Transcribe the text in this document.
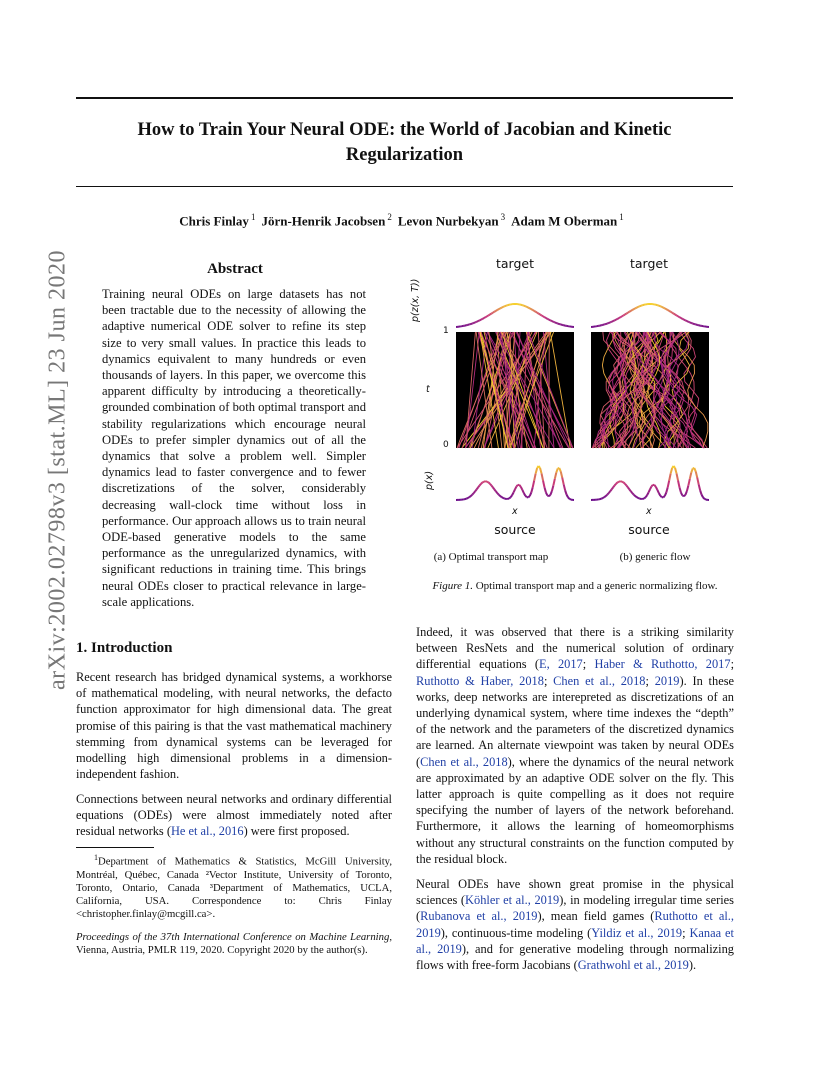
How to Train Your Neural ODE: the World of Jacobian and Kinetic
Regularization
Chris Finlay $^1$ Jörn-Henrik Jacobsen $^2$ Levon Nurbekyan $^3$ Adam M Oberman $^1$
arXiv:2002.02798v3 [stat.ML] 23 Jun 2020	Abstract
Training neural ODEs on large datasets has not been tractable due to the necessity of allowing the adaptive numerical ODE solver to refine its step size to very small values. In practice this leads to dynamics equivalent to many hundreds or even thousands of layers. In this paper, we overcome this apparent difficulty by introducing a theoretically-grounded combination of both optimal transport and stability regularizations which encourage neural ODEs to prefer simpler dynamics out of all the dynamics that solve a problem well. Simpler dynamics lead to faster convergence and to fewer discretizations of the solver, considerably decreasing wall-clock time without loss in performance. Our approach allows us to train neural ODE-based generative models to the same performance as the unregularized dynamics, with significant reductions in training time. This brings neural ODEs closer to practical relevance in large-scale applications.
1. Introduction
Recent research has bridged dynamical systems, a workhorse of mathematical modeling, with neural networks, the defacto function approximator for high dimensional data. The great promise of this pairing is that the vast mathematical machinery stemming from dynamical systems can be leveraged for modelling high dimensional problems in a dimension-independent fashion.
Connections between neural networks and ordinary differential equations (ODEs) were almost immediately noted after residual networks (He et al., 2016) were first proposed.
$^1$Department of Mathematics & Statistics, McGill University, Montréal, Québec, Canada ²Vector Institute, University of Toronto, Toronto, Ontario, Canada ³Department of Mathematics, UCLA, California, USA. Correspondence to: Chris Finlay <christopher.finlay@mcgill.ca>.
Proceedings of the 37th International Conference on Machine Learning, Vienna, Austria, PMLR 119, 2020. Copyright 2020 by the author(s).
target	target
p(z(x, T))
t
p(x)
1
0
x	x
source	source
(a) Optimal transport map	(b) generic flow
Figure 1. Optimal transport map and a generic normalizing flow.
Indeed, it was observed that there is a striking similarity between ResNets and the numerical solution of ordinary differential equations (E, 2017; Haber & Ruthotto, 2017; Ruthotto & Haber, 2018; Chen et al., 2018; 2019). In these works, deep networks are interepreted as discretizations of an underlying dynamical system, where time indexes the “depth” of the network and the parameters of the discretized dynamics are learned. An alternate viewpoint was taken by neural ODEs (Chen et al., 2018), where the dynamics of the neural network are approximated by an adaptive ODE solver on the fly. This latter approach is quite compelling as it does not require specifying the number of layers of the network beforehand. Furthermore, it allows the learning of homeomorphisms without any structural constraints on the function computed by the residual block.
Neural ODEs have shown great promise in the physical sciences (Köhler et al., 2019), in modeling irregular time series (Rubanova et al., 2019), mean field games (Ruthotto et al., 2019), continuous-time modeling (Yildiz et al., 2019; Kanaa et al., 2019), and for generative modeling through normalizing flows with free-form Jacobians (Grathwohl et al., 2019).
